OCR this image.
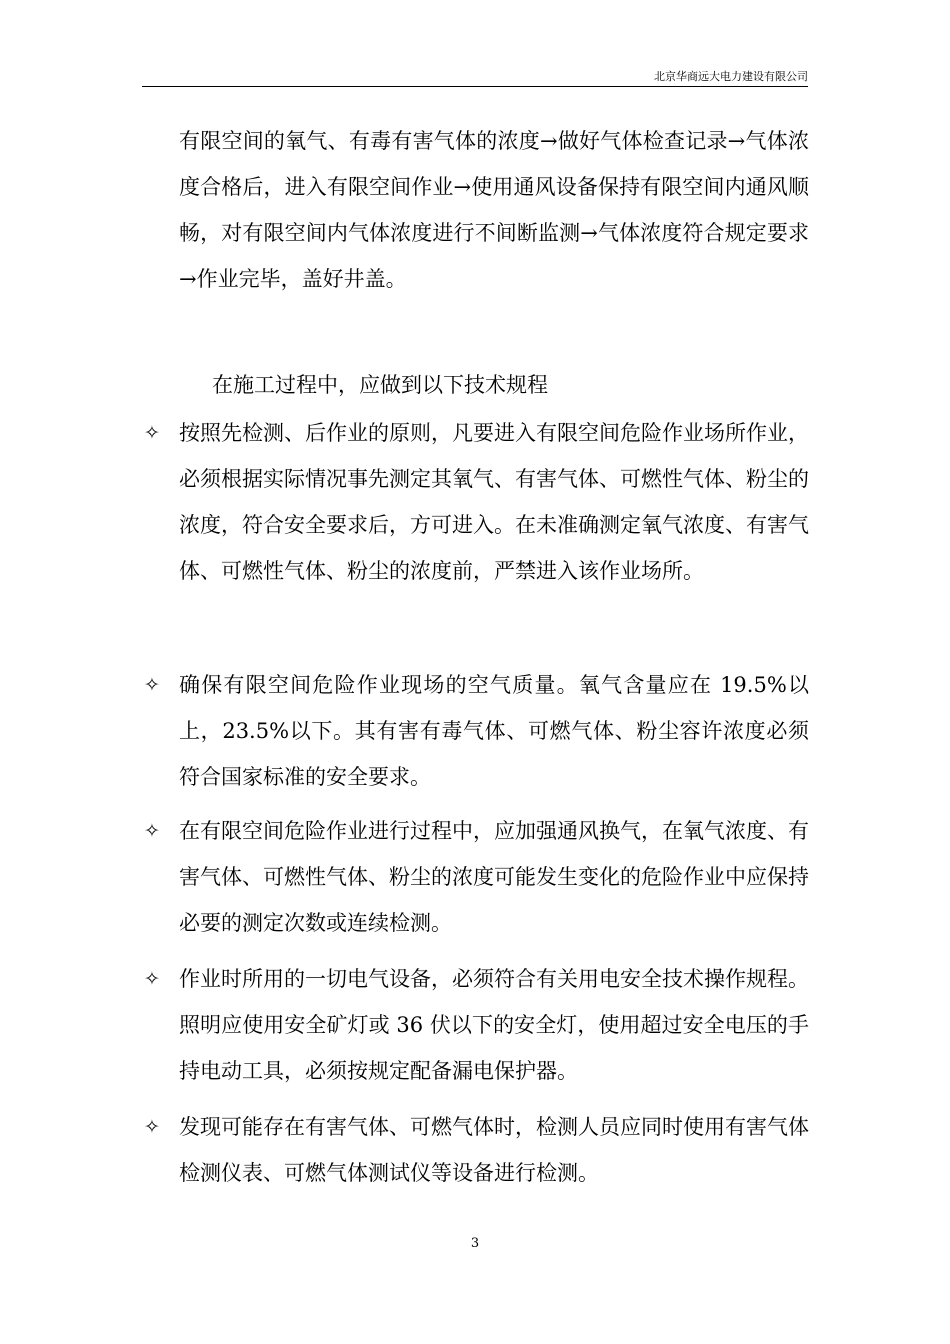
北京华商远大电力建设有限公司
有限空间的氧气、有毒有害气体的浓度→做好气体检查记录→气体浓度合格后，进入有限空间作业→使用通风设备保持有限空间内通风顺畅，对有限空间内气体浓度进行不间断监测→气体浓度符合规定要求→作业完毕，盖好井盖。
在施工过程中，应做到以下技术规程
✧ 按照先检测、后作业的原则，凡要进入有限空间危险作业场所作业，必须根据实际情况事先测定其氧气、有害气体、可燃性气体、粉尘的浓度，符合安全要求后，方可进入。在未准确测定氧气浓度、有害气体、可燃性气体、粉尘的浓度前，严禁进入该作业场所。
✧ 确保有限空间危险作业现场的空气质量。氧气含量应在 19.5%以上，23.5%以下。其有害有毒气体、可燃气体、粉尘容许浓度必须符合国家标准的安全要求。
✧ 在有限空间危险作业进行过程中，应加强通风换气，在氧气浓度、有害气体、可燃性气体、粉尘的浓度可能发生变化的危险作业中应保持必要的测定次数或连续检测。
✧ 作业时所用的一切电气设备，必须符合有关用电安全技术操作规程。照明应使用安全矿灯或 36 伏以下的安全灯，使用超过安全电压的手持电动工具，必须按规定配备漏电保护器。
✧ 发现可能存在有害气体、可燃气体时，检测人员应同时使用有害气体检测仪表、可燃气体测试仪等设备进行检测。
3
